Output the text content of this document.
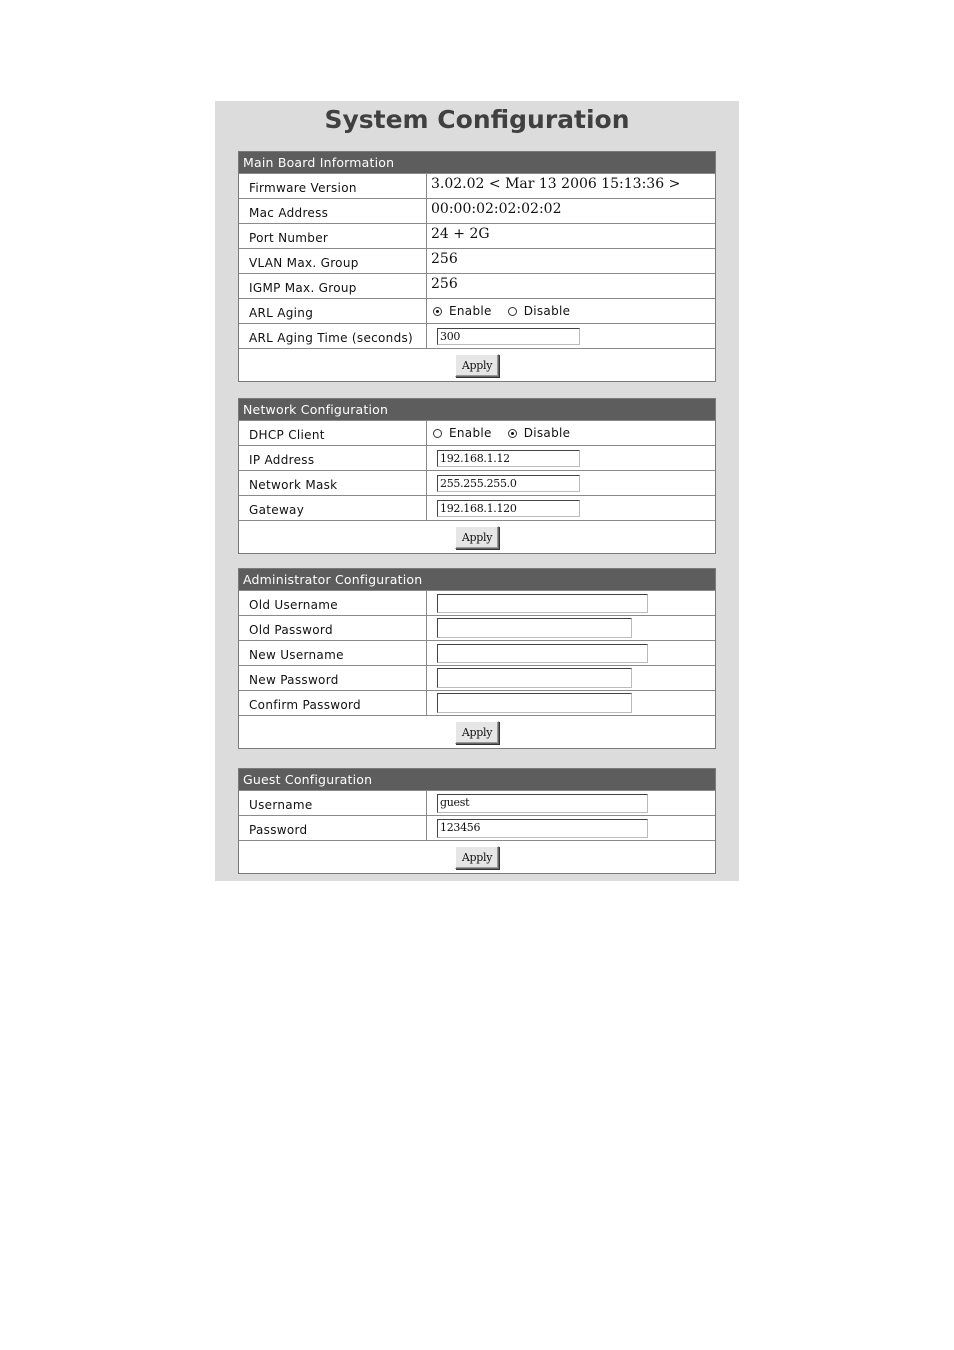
System Configuration
Main Board Information
Firmware Version	3.02.02 < Mar 13 2006 15:13:36 >
Mac Address	00:00:02:02:02:02
Port Number	24 + 2G
VLAN Max. Group	256
IGMP Max. Group	256
ARL Aging	Enable	Disable
ARL Aging Time (seconds)	300
Apply
Network Configuration
DHCP Client	Enable	Disable
IP Address	192.168.1.12
Network Mask	255.255.255.0
Gateway	192.168.1.120
Apply
Administrator Configuration
Old Username
Old Password
New Username
New Password
Confirm Password
Apply
Guest Configuration
Username	guest
Password	123456
Apply
